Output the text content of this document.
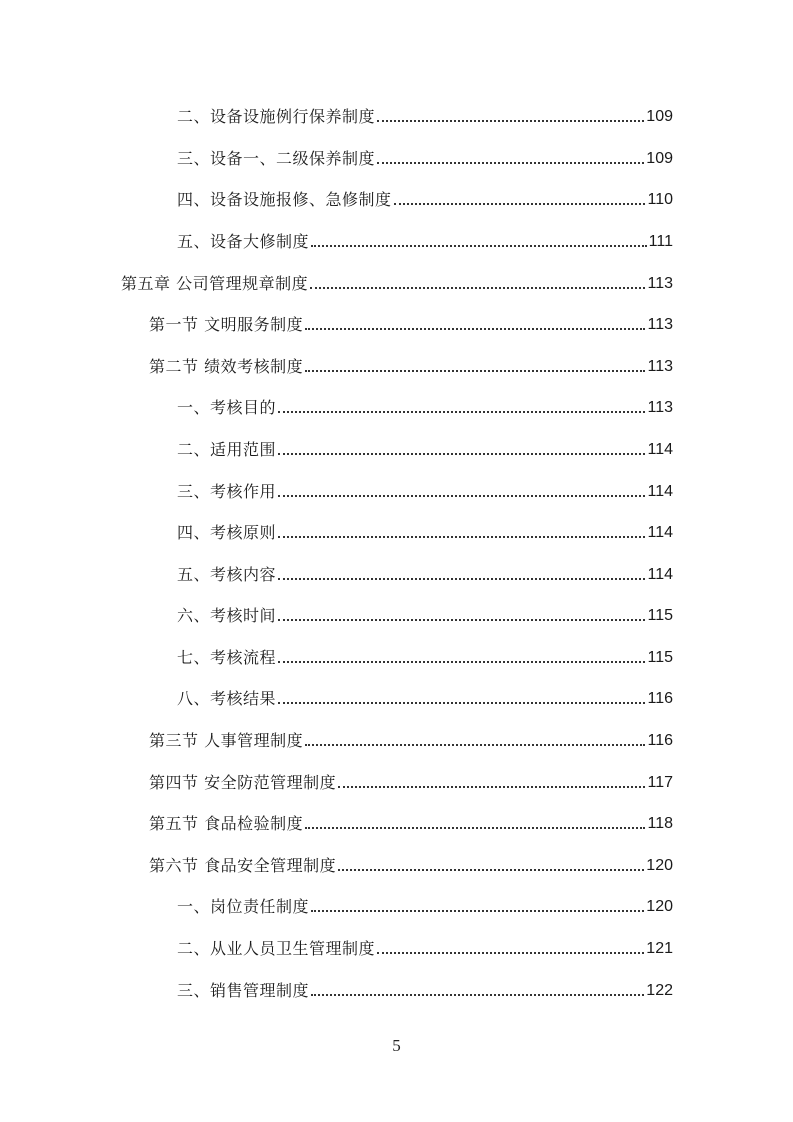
二、设备设施例行保养制度	109
三、设备一、二级保养制度	109
四、设备设施报修、急修制度	110
五、设备大修制度	111
第五章 公司管理规章制度	113
第一节 文明服务制度	113
第二节 绩效考核制度	113
一、考核目的	113
二、适用范围	114
三、考核作用	114
四、考核原则	114
五、考核内容	114
六、考核时间	115
七、考核流程	115
八、考核结果	116
第三节 人事管理制度	116
第四节 安全防范管理制度	117
第五节 食品检验制度	118
第六节 食品安全管理制度	120
一、岗位责任制度	120
二、从业人员卫生管理制度	121
三、销售管理制度	122
5
